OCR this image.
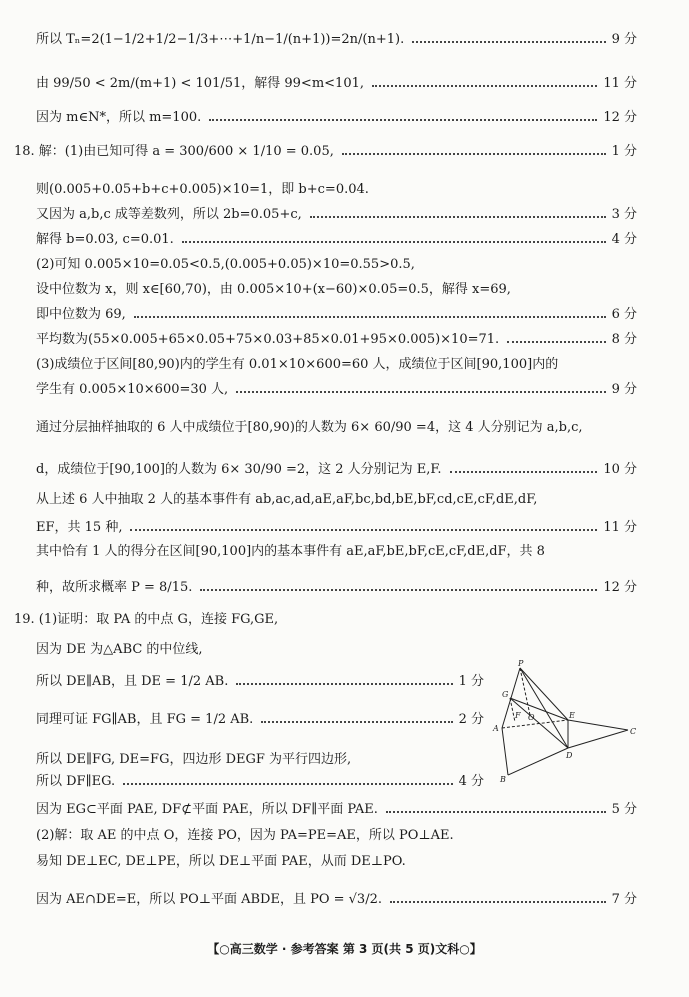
所以 Tₙ=2(1−1/2+1/2−1/3+⋯+1/n−1/(n+1))=2n/(n+1).	9 分
由 99/50 < 2m/(m+1) < 101/51，解得 99<m<101,	11 分
因为 m∈N*，所以 m=100.	12 分
18. 解：(1)由已知可得 a = 300/600 × 1/10 = 0.05,	1 分
则(0.005+0.05+b+c+0.005)×10=1，即 b+c=0.04.
又因为 a,b,c 成等差数列，所以 2b=0.05+c,	3 分
解得 b=0.03, c=0.01.	4 分
(2)可知 0.005×10=0.05<0.5,(0.005+0.05)×10=0.55>0.5,
设中位数为 x，则 x∈[60,70)，由 0.005×10+(x−60)×0.05=0.5，解得 x=69,
即中位数为 69,	6 分
平均数为(55×0.005+65×0.05+75×0.03+85×0.01+95×0.005)×10=71.	8 分
(3)成绩位于区间[80,90)内的学生有 0.01×10×600=60 人，成绩位于区间[90,100]内的
学生有 0.005×10×600=30 人,	9 分
通过分层抽样抽取的 6 人中成绩位于[80,90)的人数为 6× 60/90 =4，这 4 人分别记为 a,b,c,
d，成绩位于[90,100]的人数为 6× 30/90 =2，这 2 人分别记为 E,F.	10 分
从上述 6 人中抽取 2 人的基本事件有 ab,ac,ad,aE,aF,bc,bd,bE,bF,cd,cE,cF,dE,dF,
EF，共 15 种,	11 分
其中恰有 1 人的得分在区间[90,100]内的基本事件有 aE,aF,bE,bF,cE,cF,dE,dF，共 8
种，故所求概率 P = 8/15.	12 分
19. (1)证明：取 PA 的中点 G，连接 FG,GE,
因为 DE 为△ABC 的中位线,
所以 DE∥AB，且 DE = 1/2 AB.	1 分
同理可证 FG∥AB，且 FG = 1/2 AB.	2 分
所以 DE∥FG, DE=FG，四边形 DEGF 为平行四边形,
所以 DF∥EG.	4 分
因为 EG⊂平面 PAE, DF⊄平面 PAE，所以 DF∥平面 PAE.	5 分
(2)解：取 AE 的中点 O，连接 PO，因为 PA=PE=AE，所以 PO⊥AE.
易知 DE⊥EC, DE⊥PE，所以 DE⊥平面 PAE，从而 DE⊥PO.
因为 AE∩DE=E，所以 PO⊥平面 ABDE，且 PO = √3/2.	7 分
P
G
F O	E
A	C
D
B
【○高三数学 · 参考答案 第 3 页(共 5 页)文科○】
